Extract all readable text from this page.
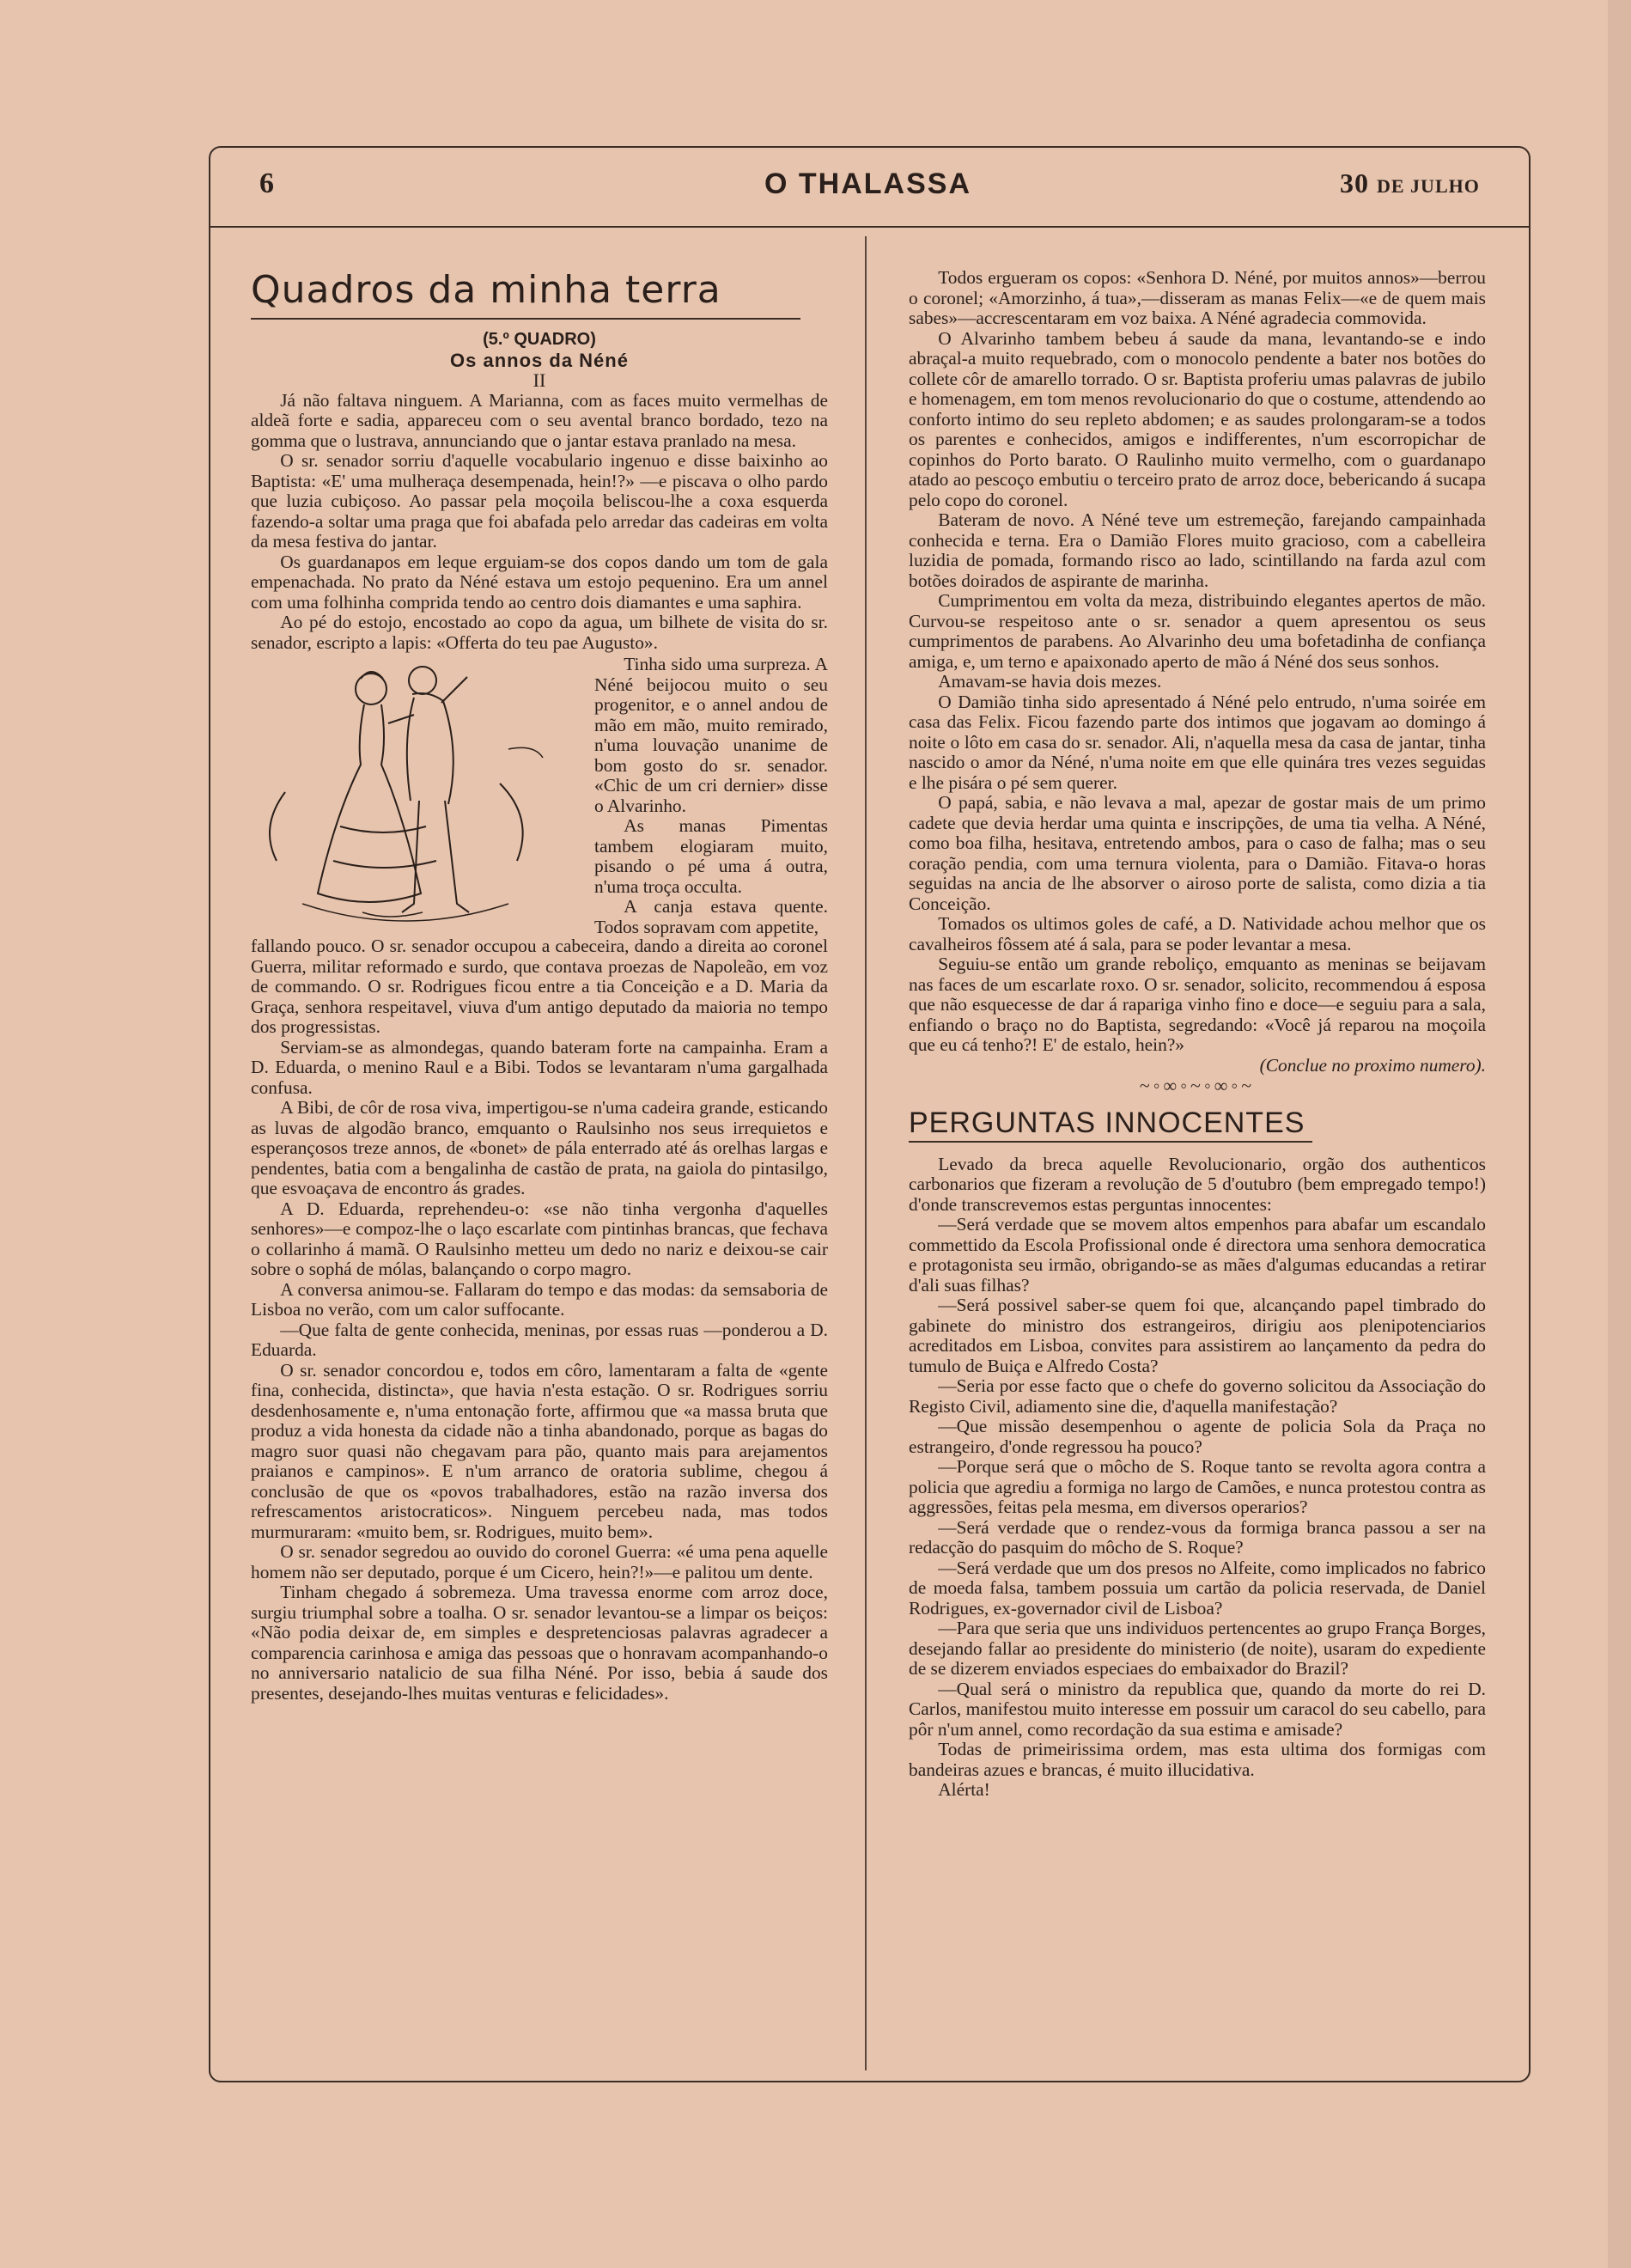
6	O THALASSA	30 DE JULHO
Quadros da minha terra

(5.º QUADRO)

Os annos da Néné

II

Já não faltava ninguem. A Marianna, com as faces muito vermelhas de aldeã forte e sadia, appareceu com o seu avental branco bordado, tezo na gomma que o lustrava, annunciando que o jantar estava pranlado na mesa.

O sr. senador sorriu d'aquelle vocabulario ingenuo e disse baixinho ao Baptista: «E' uma mulheraça desempenada, hein!?» —e piscava o olho pardo que luzia cubiçoso. Ao passar pela moçoila beliscou-lhe a coxa esquerda fazendo-a soltar uma praga que foi abafada pelo arredar das cadeiras em volta da mesa festiva do jantar.

Os guardanapos em leque erguiam-se dos copos dando um tom de gala empenachada. No prato da Néné estava um estojo pequenino. Era um annel com uma folhinha comprida tendo ao centro dois diamantes e uma saphira.

Ao pé do estojo, encostado ao copo da agua, um bilhete de visita do sr. senador, escripto a lapis: «Offerta do teu pae Augusto».

Tinha sido uma surpreza. A Néné beijocou muito o seu progenitor, e o annel andou de mão em mão, muito remirado, n'uma louvação unanime de bom gosto do sr. senador. «Chic de um cri dernier» disse o Alvarinho.

As manas Pimentas tambem elogiaram muito, pisando o pé uma á outra, n'uma troça occulta.

A canja estava quente. Todos sopravam com appetite,

fallando pouco. O sr. senador occupou a cabeceira, dando a direita ao coronel Guerra, militar reformado e surdo, que contava proezas de Napoleão, em voz de commando. O sr. Rodrigues ficou entre a tia Conceição e a D. Maria da Graça, senhora respeitavel, viuva d'um antigo deputado da maioria no tempo dos progressistas.

Serviam-se as almondegas, quando bateram forte na campainha. Eram a D. Eduarda, o menino Raul e a Bibi. Todos se levantaram n'uma gargalhada confusa.

A Bibi, de côr de rosa viva, impertigou-se n'uma cadeira grande, esticando as luvas de algodão branco, emquanto o Raulsinho nos seus irrequietos e esperançosos treze annos, de «bonet» de pála enterrado até ás orelhas largas e pendentes, batia com a bengalinha de castão de prata, na gaiola do pintasilgo, que esvoaçava de encontro ás grades.

A D. Eduarda, reprehendeu-o: «se não tinha vergonha d'aquelles senhores»—e compoz-lhe o laço escarlate com pintinhas brancas, que fechava o collarinho á mamã. O Raulsinho metteu um dedo no nariz e deixou-se cair sobre o sophá de mólas, balançando o corpo magro.

A conversa animou-se. Fallaram do tempo e das modas: da semsaboria de Lisboa no verão, com um calor suffocante.

—Que falta de gente conhecida, meninas, por essas ruas —ponderou a D. Eduarda.

O sr. senador concordou e, todos em côro, lamentaram a falta de «gente fina, conhecida, distincta», que havia n'esta estação. O sr. Rodrigues sorriu desdenhosamente e, n'uma entonação forte, affirmou que «a massa bruta que produz a vida honesta da cidade não a tinha abandonado, porque as bagas do magro suor quasi não chegavam para pão, quanto mais para arejamentos praianos e campinos». E n'um arranco de oratoria sublime, chegou á conclusão de que os «povos trabalhadores, estão na razão inversa dos refrescamentos aristocraticos». Ninguem percebeu nada, mas todos murmuraram: «muito bem, sr. Rodrigues, muito bem».

O sr. senador segredou ao ouvido do coronel Guerra: «é uma pena aquelle homem não ser deputado, porque é um Cicero, hein?!»—e palitou um dente.

Tinham chegado á sobremeza. Uma travessa enorme com arroz doce, surgiu triumphal sobre a toalha. O sr. senador levantou-se a limpar os beiços: «Não podia deixar de, em simples e despretenciosas palavras agradecer a comparencia carinhosa e amiga das pessoas que o honravam acompanhando-o no anniversario natalicio de sua filha Néné. Por isso, bebia á saude dos presentes, desejando-lhes muitas venturas e felicidades».

Todos ergueram os copos: «Senhora D. Néné, por muitos annos»—berrou o coronel; «Amorzinho, á tua»,—disseram as manas Felix—«e de quem mais sabes»—accrescentaram em voz baixa. A Néné agradecia commovida.

O Alvarinho tambem bebeu á saude da mana, levantando-se e indo abraçal-a muito requebrado, com o monocolo pendente a bater nos botões do collete côr de amarello torrado. O sr. Baptista proferiu umas palavras de jubilo e homenagem, em tom menos revolucionario do que o costume, attendendo ao conforto intimo do seu repleto abdomen; e as saudes prolongaram-se a todos os parentes e conhecidos, amigos e indifferentes, n'um escorropichar de copinhos do Porto barato. O Raulinho muito vermelho, com o guardanapo atado ao pescoço embutiu o terceiro prato de arroz doce, bebericando á sucapa pelo copo do coronel.

Bateram de novo. A Néné teve um estremeção, farejando campainhada conhecida e terna. Era o Damião Flores muito gracioso, com a cabelleira luzidia de pomada, formando risco ao lado, scintillando na farda azul com botões doirados de aspirante de marinha.

Cumprimentou em volta da meza, distribuindo elegantes apertos de mão. Curvou-se respeitoso ante o sr. senador a quem apresentou os seus cumprimentos de parabens. Ao Alvarinho deu uma bofetadinha de confiança amiga, e, um terno e apaixonado aperto de mão á Néné dos seus sonhos.

Amavam-se havia dois mezes.

O Damião tinha sido apresentado á Néné pelo entrudo, n'uma soirée em casa das Felix. Ficou fazendo parte dos intimos que jogavam ao domingo á noite o lôto em casa do sr. senador. Ali, n'aquella mesa da casa de jantar, tinha nascido o amor da Néné, n'uma noite em que elle quinára tres vezes seguidas e lhe pisára o pé sem querer.

O papá, sabia, e não levava a mal, apezar de gostar mais de um primo cadete que devia herdar uma quinta e inscripções, de uma tia velha. A Néné, como boa filha, hesitava, entretendo ambos, para o caso de falha; mas o seu coração pendia, com uma ternura violenta, para o Damião. Fitava-o horas seguidas na ancia de lhe absorver o airoso porte de salista, como dizia a tia Conceição.

Tomados os ultimos goles de café, a D. Natividade achou melhor que os cavalheiros fôssem até á sala, para se poder levantar a mesa.

Seguiu-se então um grande reboliço, emquanto as meninas se beijavam nas faces de um escarlate roxo. O sr. senador, solicito, recommendou á esposa que não esquecesse de dar á rapariga vinho fino e doce—e seguiu para a sala, enfiando o braço no do Baptista, segredando: «Você já reparou na moçoila que eu cá tenho?! E' de estalo, hein?»

(Conclue no proximo numero).

~◦∞◦~◦∞◦~
PERGUNTAS INNOCENTES

Levado da breca aquelle Revolucionario, orgão dos authenticos carbonarios que fizeram a revolução de 5 d'outubro (bem empregado tempo!) d'onde transcrevemos estas perguntas innocentes:

—Será verdade que se movem altos empenhos para abafar um escandalo commettido da Escola Profissional onde é directora uma senhora democratica e protagonista seu irmão, obrigando-se as mães d'algumas educandas a retirar d'ali suas filhas?

—Será possivel saber-se quem foi que, alcançando papel timbrado do gabinete do ministro dos estrangeiros, dirigiu aos plenipotenciarios acreditados em Lisboa, convites para assistirem ao lançamento da pedra do tumulo de Buiça e Alfredo Costa?

—Seria por esse facto que o chefe do governo solicitou da Associação do Registo Civil, adiamento sine die, d'aquella manifestação?

—Que missão desempenhou o agente de policia Sola da Praça no estrangeiro, d'onde regressou ha pouco?

—Porque será que o môcho de S. Roque tanto se revolta agora contra a policia que agrediu a formiga no largo de Camões, e nunca protestou contra as aggressões, feitas pela mesma, em diversos operarios?

—Será verdade que o rendez-vous da formiga branca passou a ser na redacção do pasquim do môcho de S. Roque?

—Será verdade que um dos presos no Alfeite, como implicados no fabrico de moeda falsa, tambem possuia um cartão da policia reservada, de Daniel Rodrigues, ex-governador civil de Lisboa?

—Para que seria que uns individuos pertencentes ao grupo França Borges, desejando fallar ao presidente do ministerio (de noite), usaram do expediente de se dizerem enviados especiaes do embaixador do Brazil?

—Qual será o ministro da republica que, quando da morte do rei D. Carlos, manifestou muito interesse em possuir um caracol do seu cabello, para pôr n'um annel, como recordação da sua estima e amisade?

Todas de primeirissima ordem, mas esta ultima dos formigas com bandeiras azues e brancas, é muito illucidativa.

Alérta!
